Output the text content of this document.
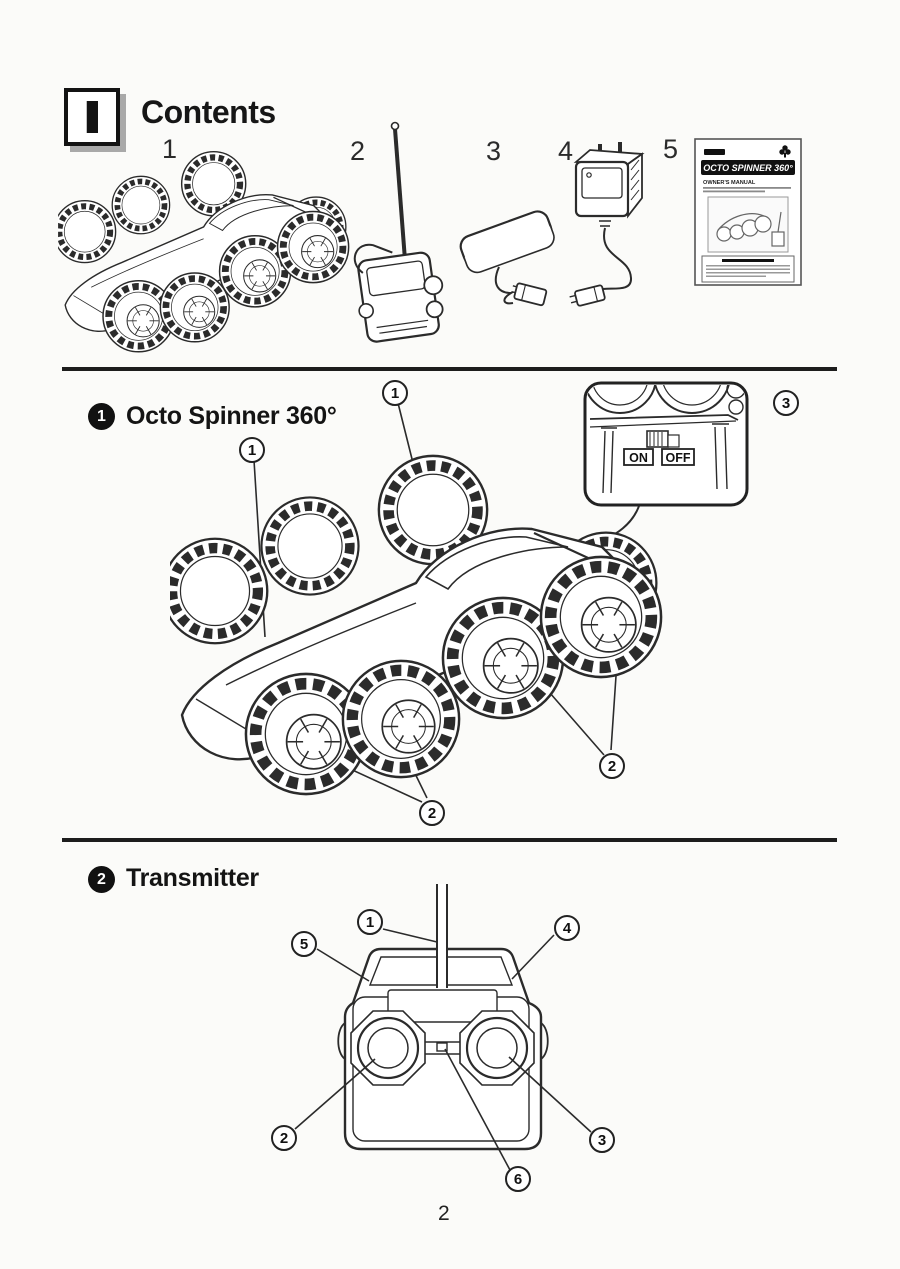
I Contents
1	2	3 4	5
OCTO SPINNER 360°
OWNER'S MANUAL
1 Octo Spinner 360°
ON OFF
1
1
3
2
2
2 Transmitter
1	4
5
2	3
6
2
